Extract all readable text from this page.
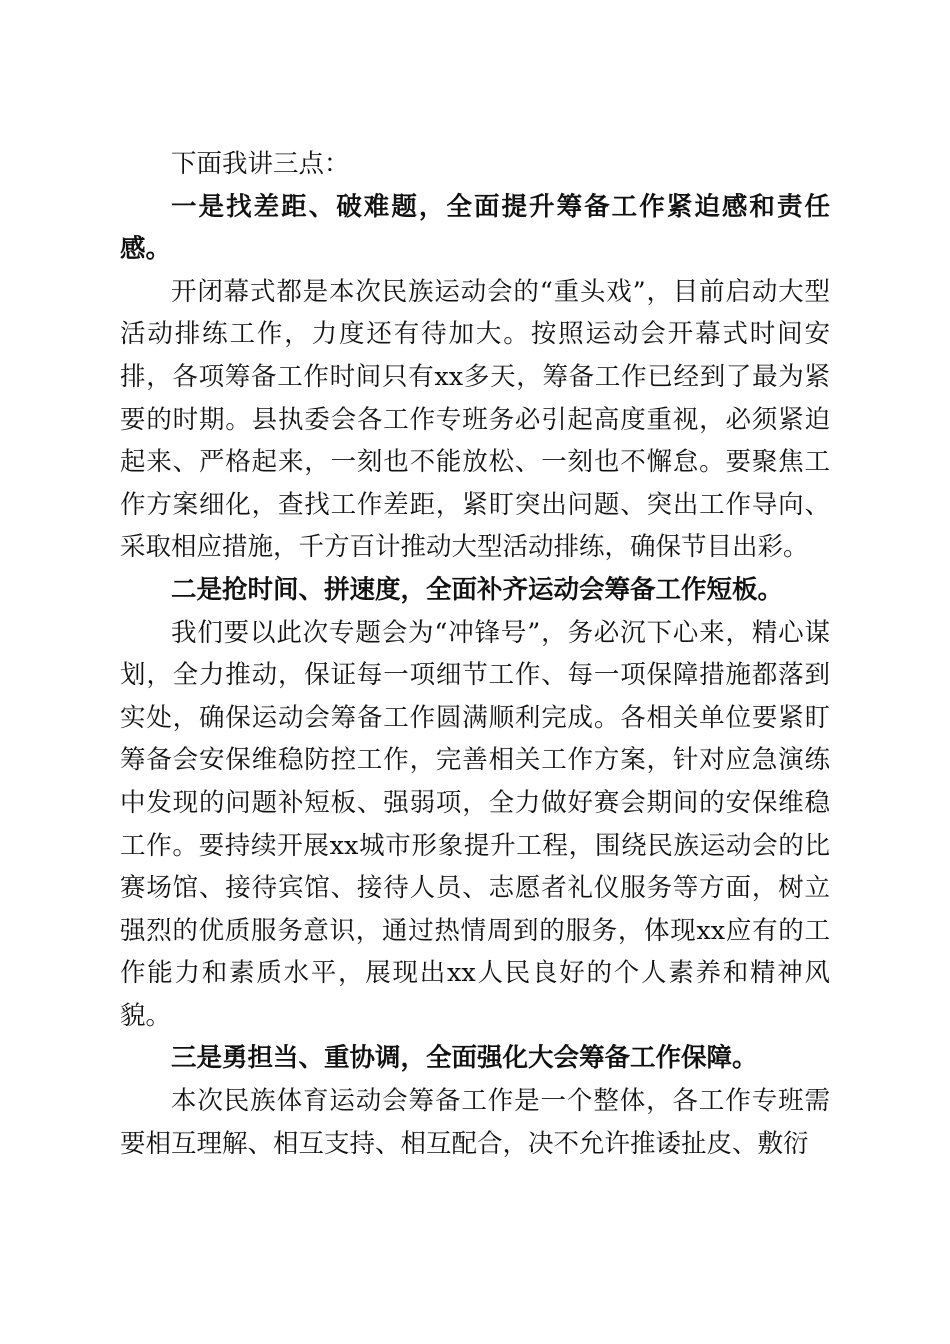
下面我讲三点：

一是找差距、破难题，全面提升筹备工作紧迫感和责任感。

开闭幕式都是本次民族运动会的“重头戏”，目前启动大型活动排练工作，力度还有待加大。按照运动会开幕式时间安排，各项筹备工作时间只有xx多天，筹备工作已经到了最为紧要的时期。县执委会各工作专班务必引起高度重视，必须紧迫起来、严格起来，一刻也不能放松、一刻也不懈怠。要聚焦工作方案细化，查找工作差距，紧盯突出问题、突出工作导向、采取相应措施，千方百计推动大型活动排练，确保节目出彩。

二是抢时间、拼速度，全面补齐运动会筹备工作短板。

我们要以此次专题会为“冲锋号”，务必沉下心来，精心谋划，全力推动，保证每一项细节工作、每一项保障措施都落到实处，确保运动会筹备工作圆满顺利完成。各相关单位要紧盯筹备会安保维稳防控工作，完善相关工作方案，针对应急演练中发现的问题补短板、强弱项，全力做好赛会期间的安保维稳工作。要持续开展xx城市形象提升工程，围绕民族运动会的比赛场馆、接待宾馆、接待人员、志愿者礼仪服务等方面，树立强烈的优质服务意识，通过热情周到的服务，体现xx应有的工作能力和素质水平，展现出xx人民良好的个人素养和精神风貌。

三是勇担当、重协调，全面强化大会筹备工作保障。

本次民族体育运动会筹备工作是一个整体，各工作专班需要相互理解、相互支持、相互配合，决不允许推诿扯皮、敷衍
